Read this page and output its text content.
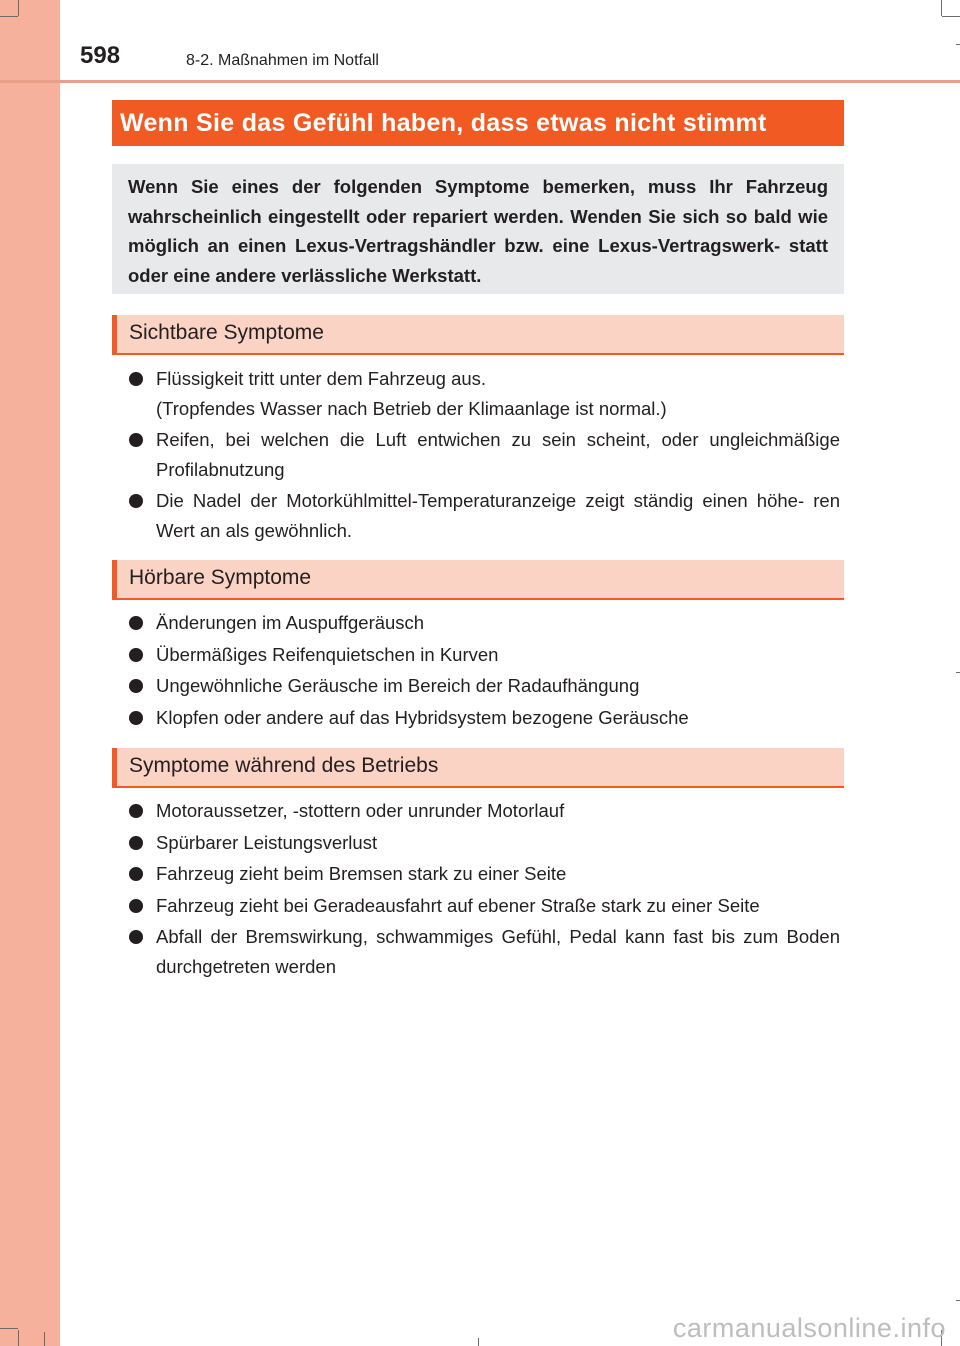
598	8-2. Maßnahmen im Notfall
Wenn Sie das Gefühl haben, dass etwas nicht stimmt
Wenn Sie eines der folgenden Symptome bemerken, muss Ihr Fahrzeug wahrscheinlich eingestellt oder repariert werden. Wenden Sie sich so bald wie möglich an einen Lexus-Vertragshändler bzw. eine Lexus-Vertragswerk- statt oder eine andere verlässliche Werkstatt.
Sichtbare Symptome
Flüssigkeit tritt unter dem Fahrzeug aus.
(Tropfendes Wasser nach Betrieb der Klimaanlage ist normal.)
Reifen, bei welchen die Luft entwichen zu sein scheint, oder ungleichmäßige Profilabnutzung
Die Nadel der Motorkühlmittel-Temperaturanzeige zeigt ständig einen höhe- ren Wert an als gewöhnlich.
Hörbare Symptome
Änderungen im Auspuffgeräusch
Übermäßiges Reifenquietschen in Kurven
Ungewöhnliche Geräusche im Bereich der Radaufhängung
Klopfen oder andere auf das Hybridsystem bezogene Geräusche
Symptome während des Betriebs
Motoraussetzer, -stottern oder unrunder Motorlauf
Spürbarer Leistungsverlust
Fahrzeug zieht beim Bremsen stark zu einer Seite
Fahrzeug zieht bei Geradeausfahrt auf ebener Straße stark zu einer Seite
Abfall der Bremswirkung, schwammiges Gefühl, Pedal kann fast bis zum Boden durchgetreten werden
carmanualsonline.info
